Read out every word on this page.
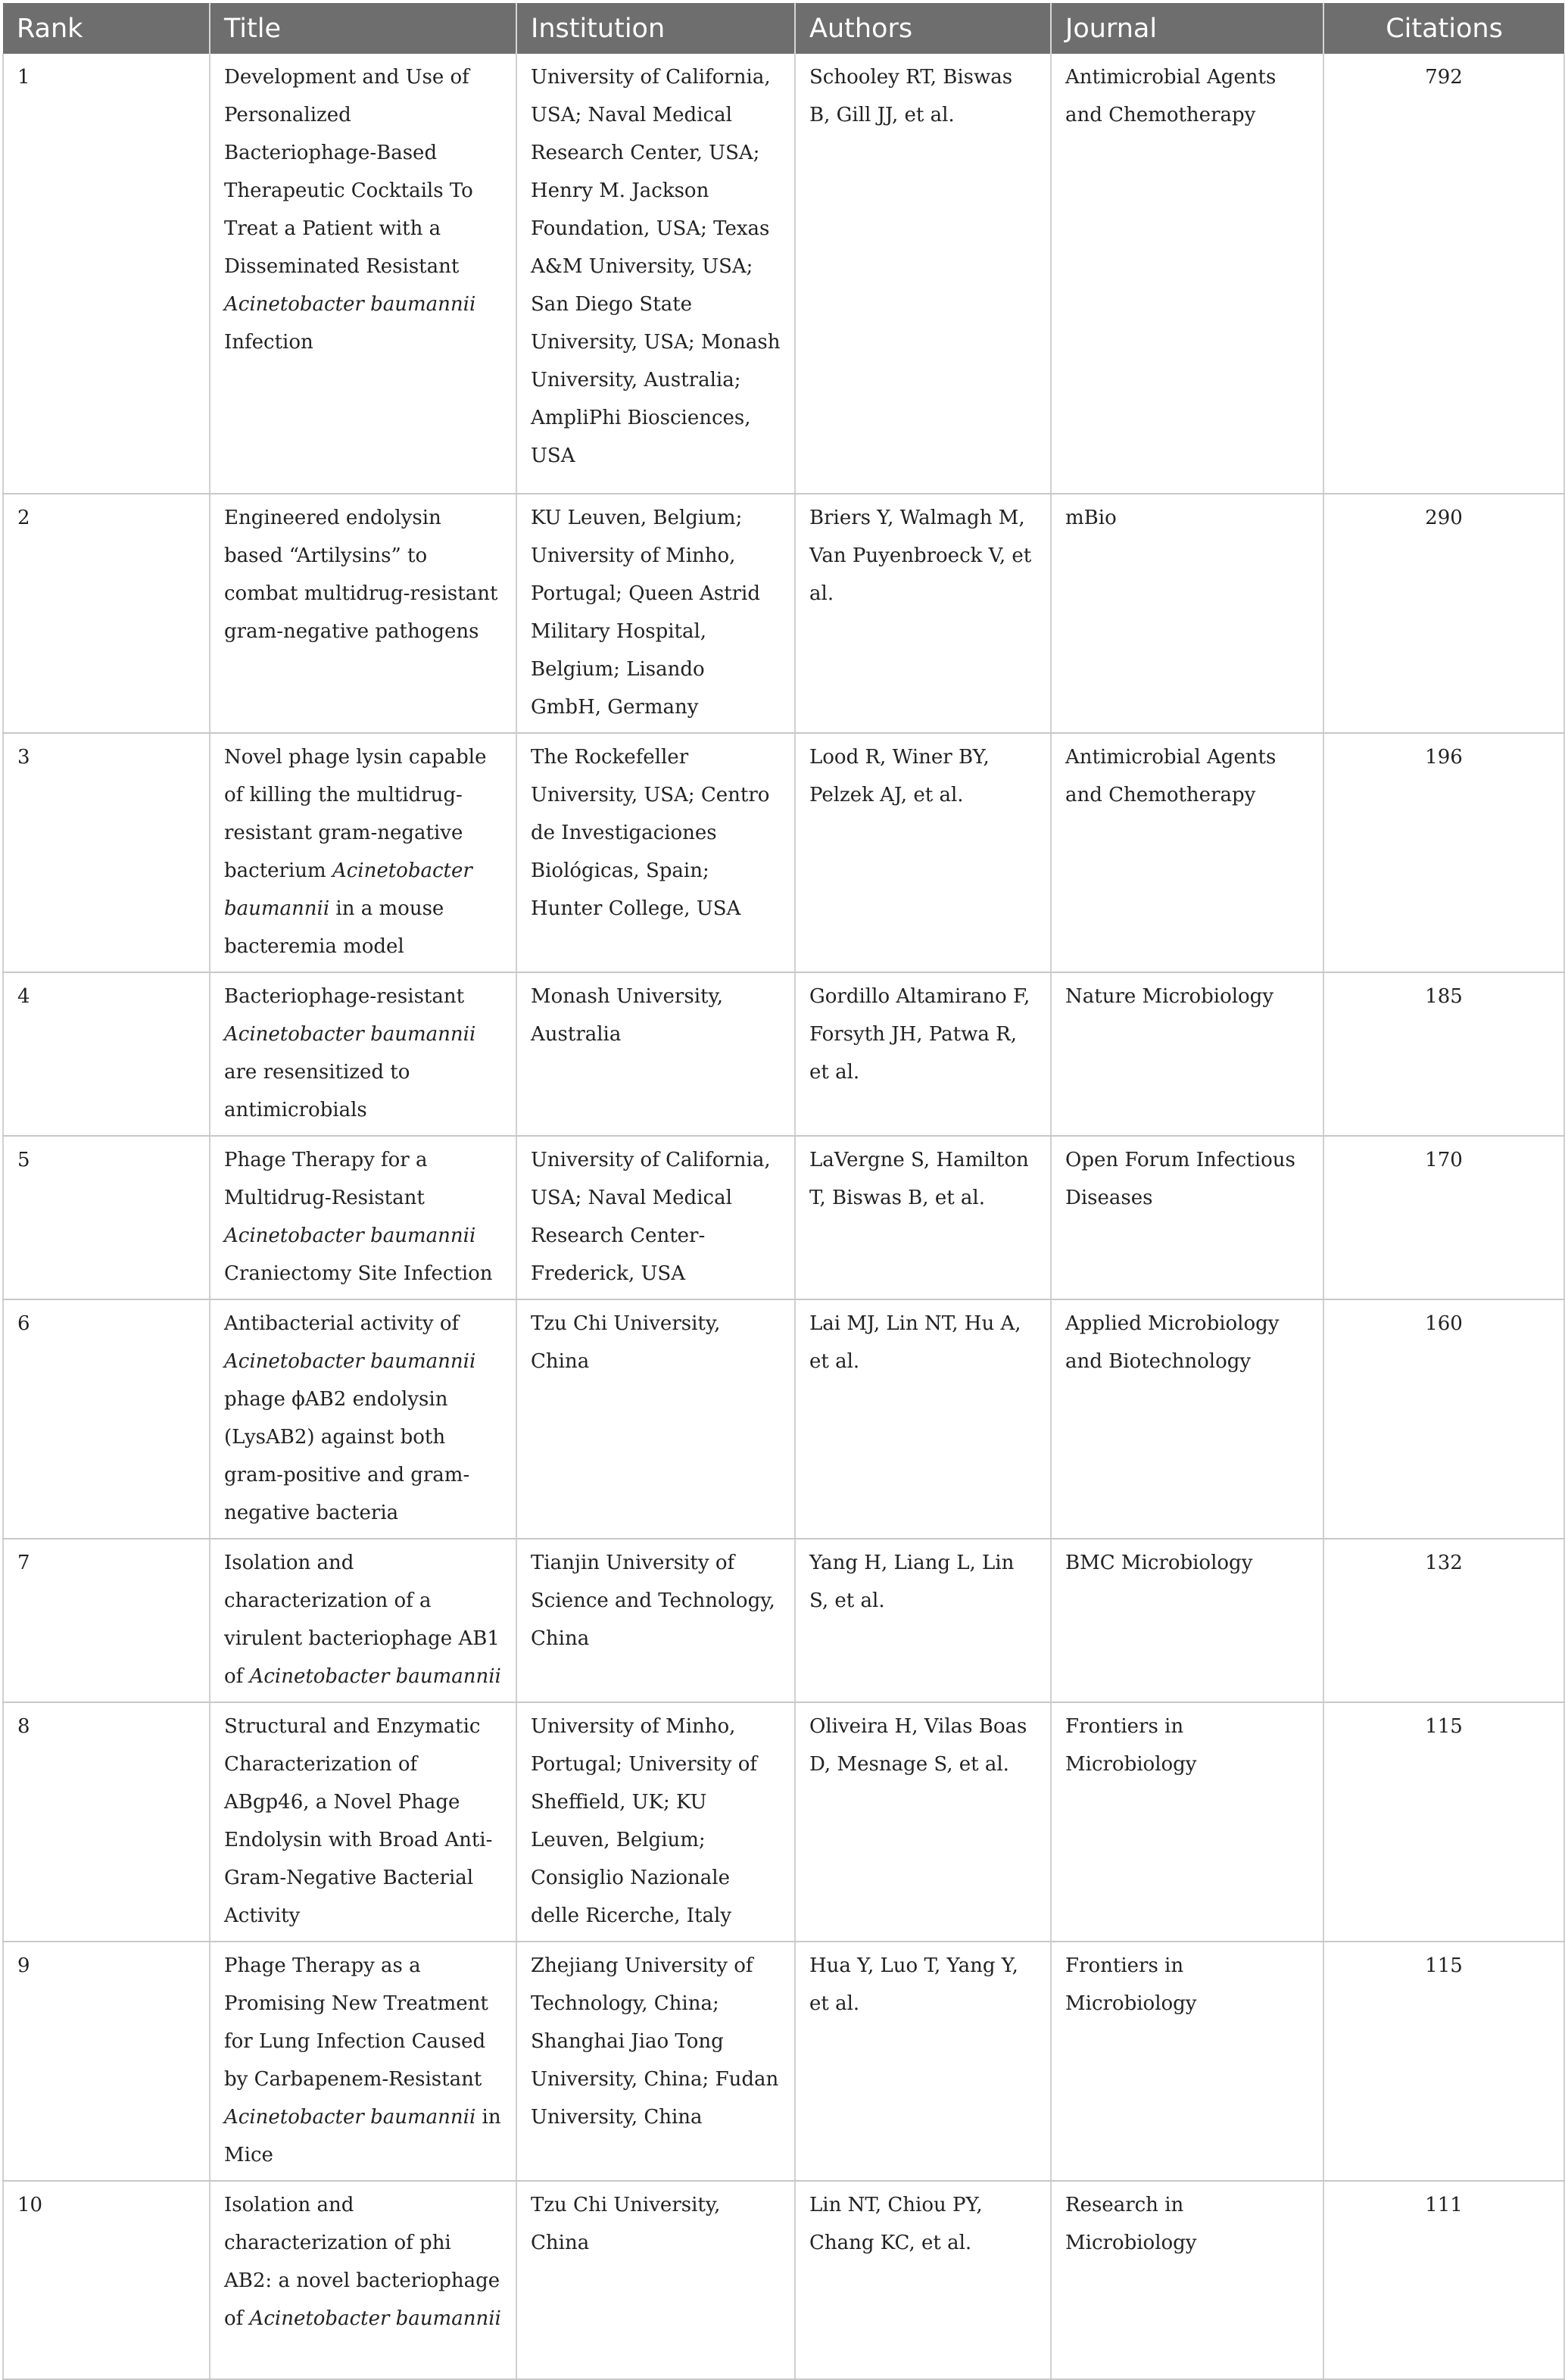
Rank	Title	Institution	Authors	Journal	Citations
1	Development and Use of Personalized Bacteriophage-Based Therapeutic Cocktails To Treat a Patient with a Disseminated Resistant Acinetobacter baumannii Infection	University of California, USA; Naval Medical Research Center, USA; Henry M. Jackson Foundation, USA; Texas A&M University, USA; San Diego State University, USA; Monash University, Australia; AmpliPhi Biosciences, USA	Schooley RT, Biswas B, Gill JJ, et al.	Antimicrobial Agents and Chemotherapy	792
2	Engineered endolysin based “Artilysins” to combat multidrug-resistant gram-negative pathogens	KU Leuven, Belgium; University of Minho, Portugal; Queen Astrid Military Hospital, Belgium; Lisando GmbH, Germany	Briers Y, Walmagh M, Van Puyenbroeck V, et al.	mBio	290
3	Novel phage lysin capable of killing the multidrug-resistant gram-negative bacterium Acinetobacter baumannii in a mouse bacteremia model	The Rockefeller University, USA; Centro de Investigaciones Biológicas, Spain; Hunter College, USA	Lood R, Winer BY, Pelzek AJ, et al.	Antimicrobial Agents and Chemotherapy	196
4	Bacteriophage-resistant Acinetobacter baumannii are resensitized to antimicrobials	Monash University, Australia	Gordillo Altamirano F, Forsyth JH, Patwa R, et al.	Nature Microbiology	185
5	Phage Therapy for a Multidrug-Resistant Acinetobacter baumannii Craniectomy Site Infection	University of California, USA; Naval Medical Research Center-Frederick, USA	LaVergne S, Hamilton T, Biswas B, et al.	Open Forum Infectious Diseases	170
6	Antibacterial activity of Acinetobacter baumannii phage ϕAB2 endolysin (LysAB2) against both gram-positive and gram-negative bacteria	Tzu Chi University, China	Lai MJ, Lin NT, Hu A, et al.	Applied Microbiology and Biotechnology	160
7	Isolation and characterization of a virulent bacteriophage AB1 of Acinetobacter baumannii	Tianjin University of Science and Technology, China	Yang H, Liang L, Lin S, et al.	BMC Microbiology	132
8	Structural and Enzymatic Characterization of ABgp46, a Novel Phage Endolysin with Broad Anti-Gram-Negative Bacterial Activity	University of Minho, Portugal; University of Sheffield, UK; KU Leuven, Belgium; Consiglio Nazionale delle Ricerche, Italy	Oliveira H, Vilas Boas D, Mesnage S, et al.	Frontiers in Microbiology	115
9	Phage Therapy as a Promising New Treatment for Lung Infection Caused by Carbapenem-Resistant Acinetobacter baumannii in Mice	Zhejiang University of Technology, China; Shanghai Jiao Tong University, China; Fudan University, China	Hua Y, Luo T, Yang Y, et al.	Frontiers in Microbiology	115
10	Isolation and characterization of phi AB2: a novel bacteriophage of Acinetobacter baumannii	Tzu Chi University, China	Lin NT, Chiou PY, Chang KC, et al.	Research in Microbiology	111
